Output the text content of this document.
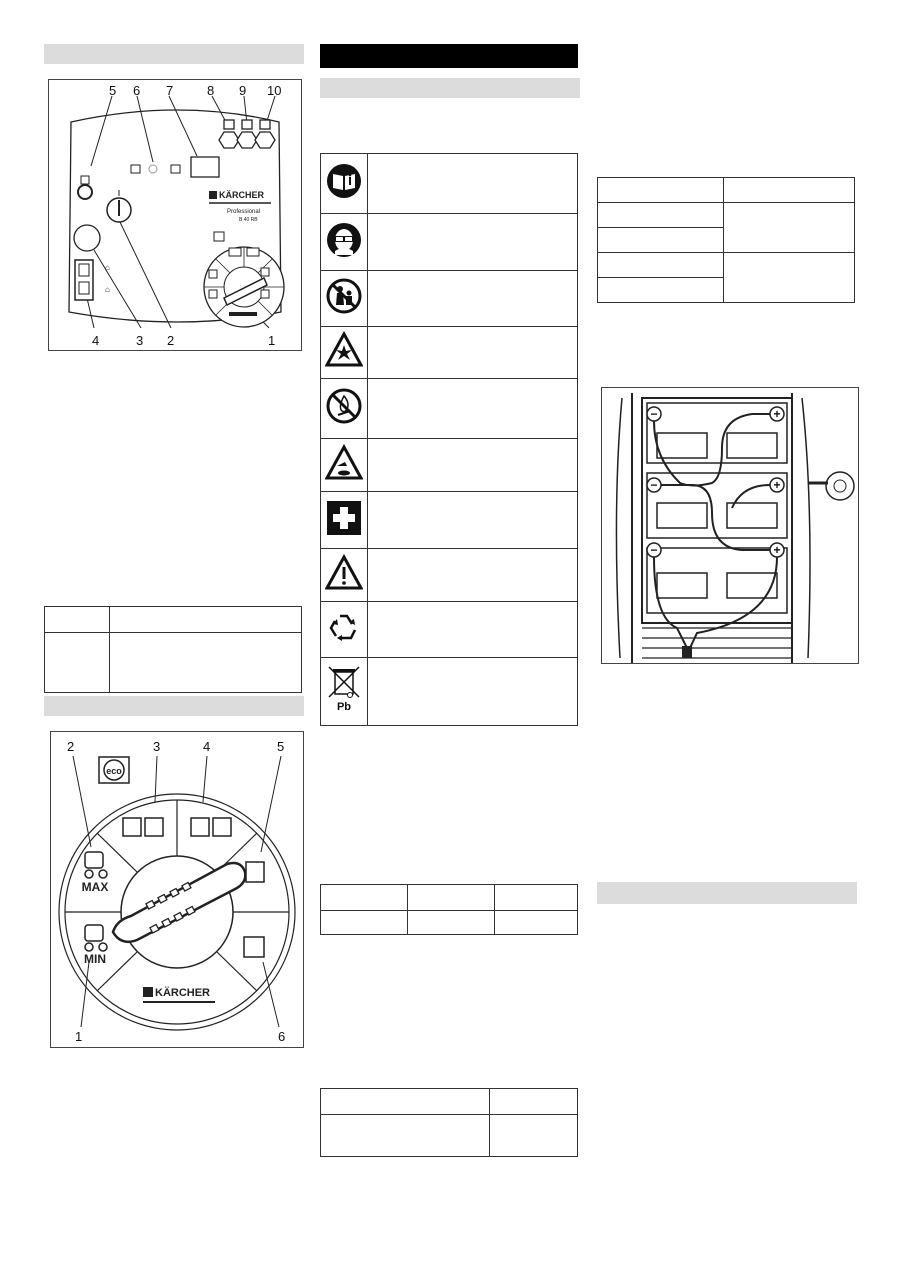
KÄRCHER
Professional
B 40 RB
⌂
⌂
5 6 7	8 9 10
4	3 2	1

eco
MAX
MIN
KÄRCHER
2	3	4	5
1	6

Pb	

−	+
−	+
−	+
